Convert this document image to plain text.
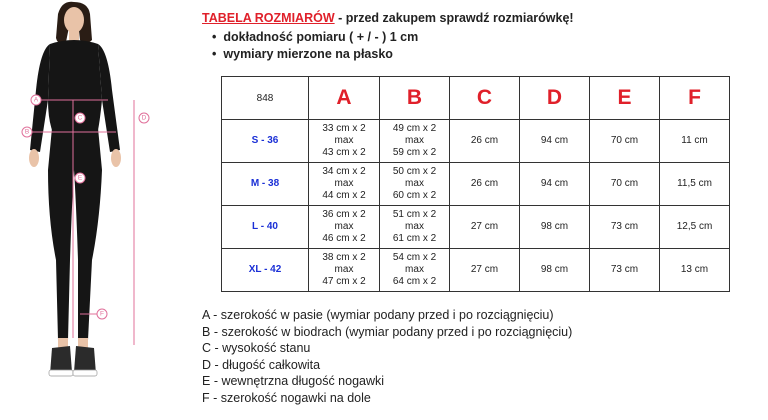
A
B
C	D
E
F
TABELA ROZMIARÓW - przed zakupem sprawdź rozmiarówkę!
• dokładność pomiaru ( + / - ) 1 cm
• wymiary mierzone na płasko
848	A	B	C	D	E	F
S - 36	33 cm x 2
max
43 cm x 2	49 cm x 2
max
59 cm x 2	26 cm	94 cm	70 cm	11 cm
M - 38	34 cm x 2
max
44 cm x 2	50 cm x 2
max
60 cm x 2	26 cm	94 cm	70 cm	11,5 cm
L - 40	36 cm x 2
max
46 cm x 2	51 cm x 2
max
61 cm x 2	27 cm	98 cm	73 cm	12,5 cm
XL - 42	38 cm x 2
max
47 cm x 2	54 cm x 2
max
64 cm x 2	27 cm	98 cm	73 cm	13 cm
A - szerokość w pasie (wymiar podany przed i po rozciągnięciu)
B - szerokość w biodrach (wymiar podany przed i po rozciągnięciu)
C - wysokość stanu
D - długość całkowita
E - wewnętrzna długość nogawki
F - szerokość nogawki na dole
